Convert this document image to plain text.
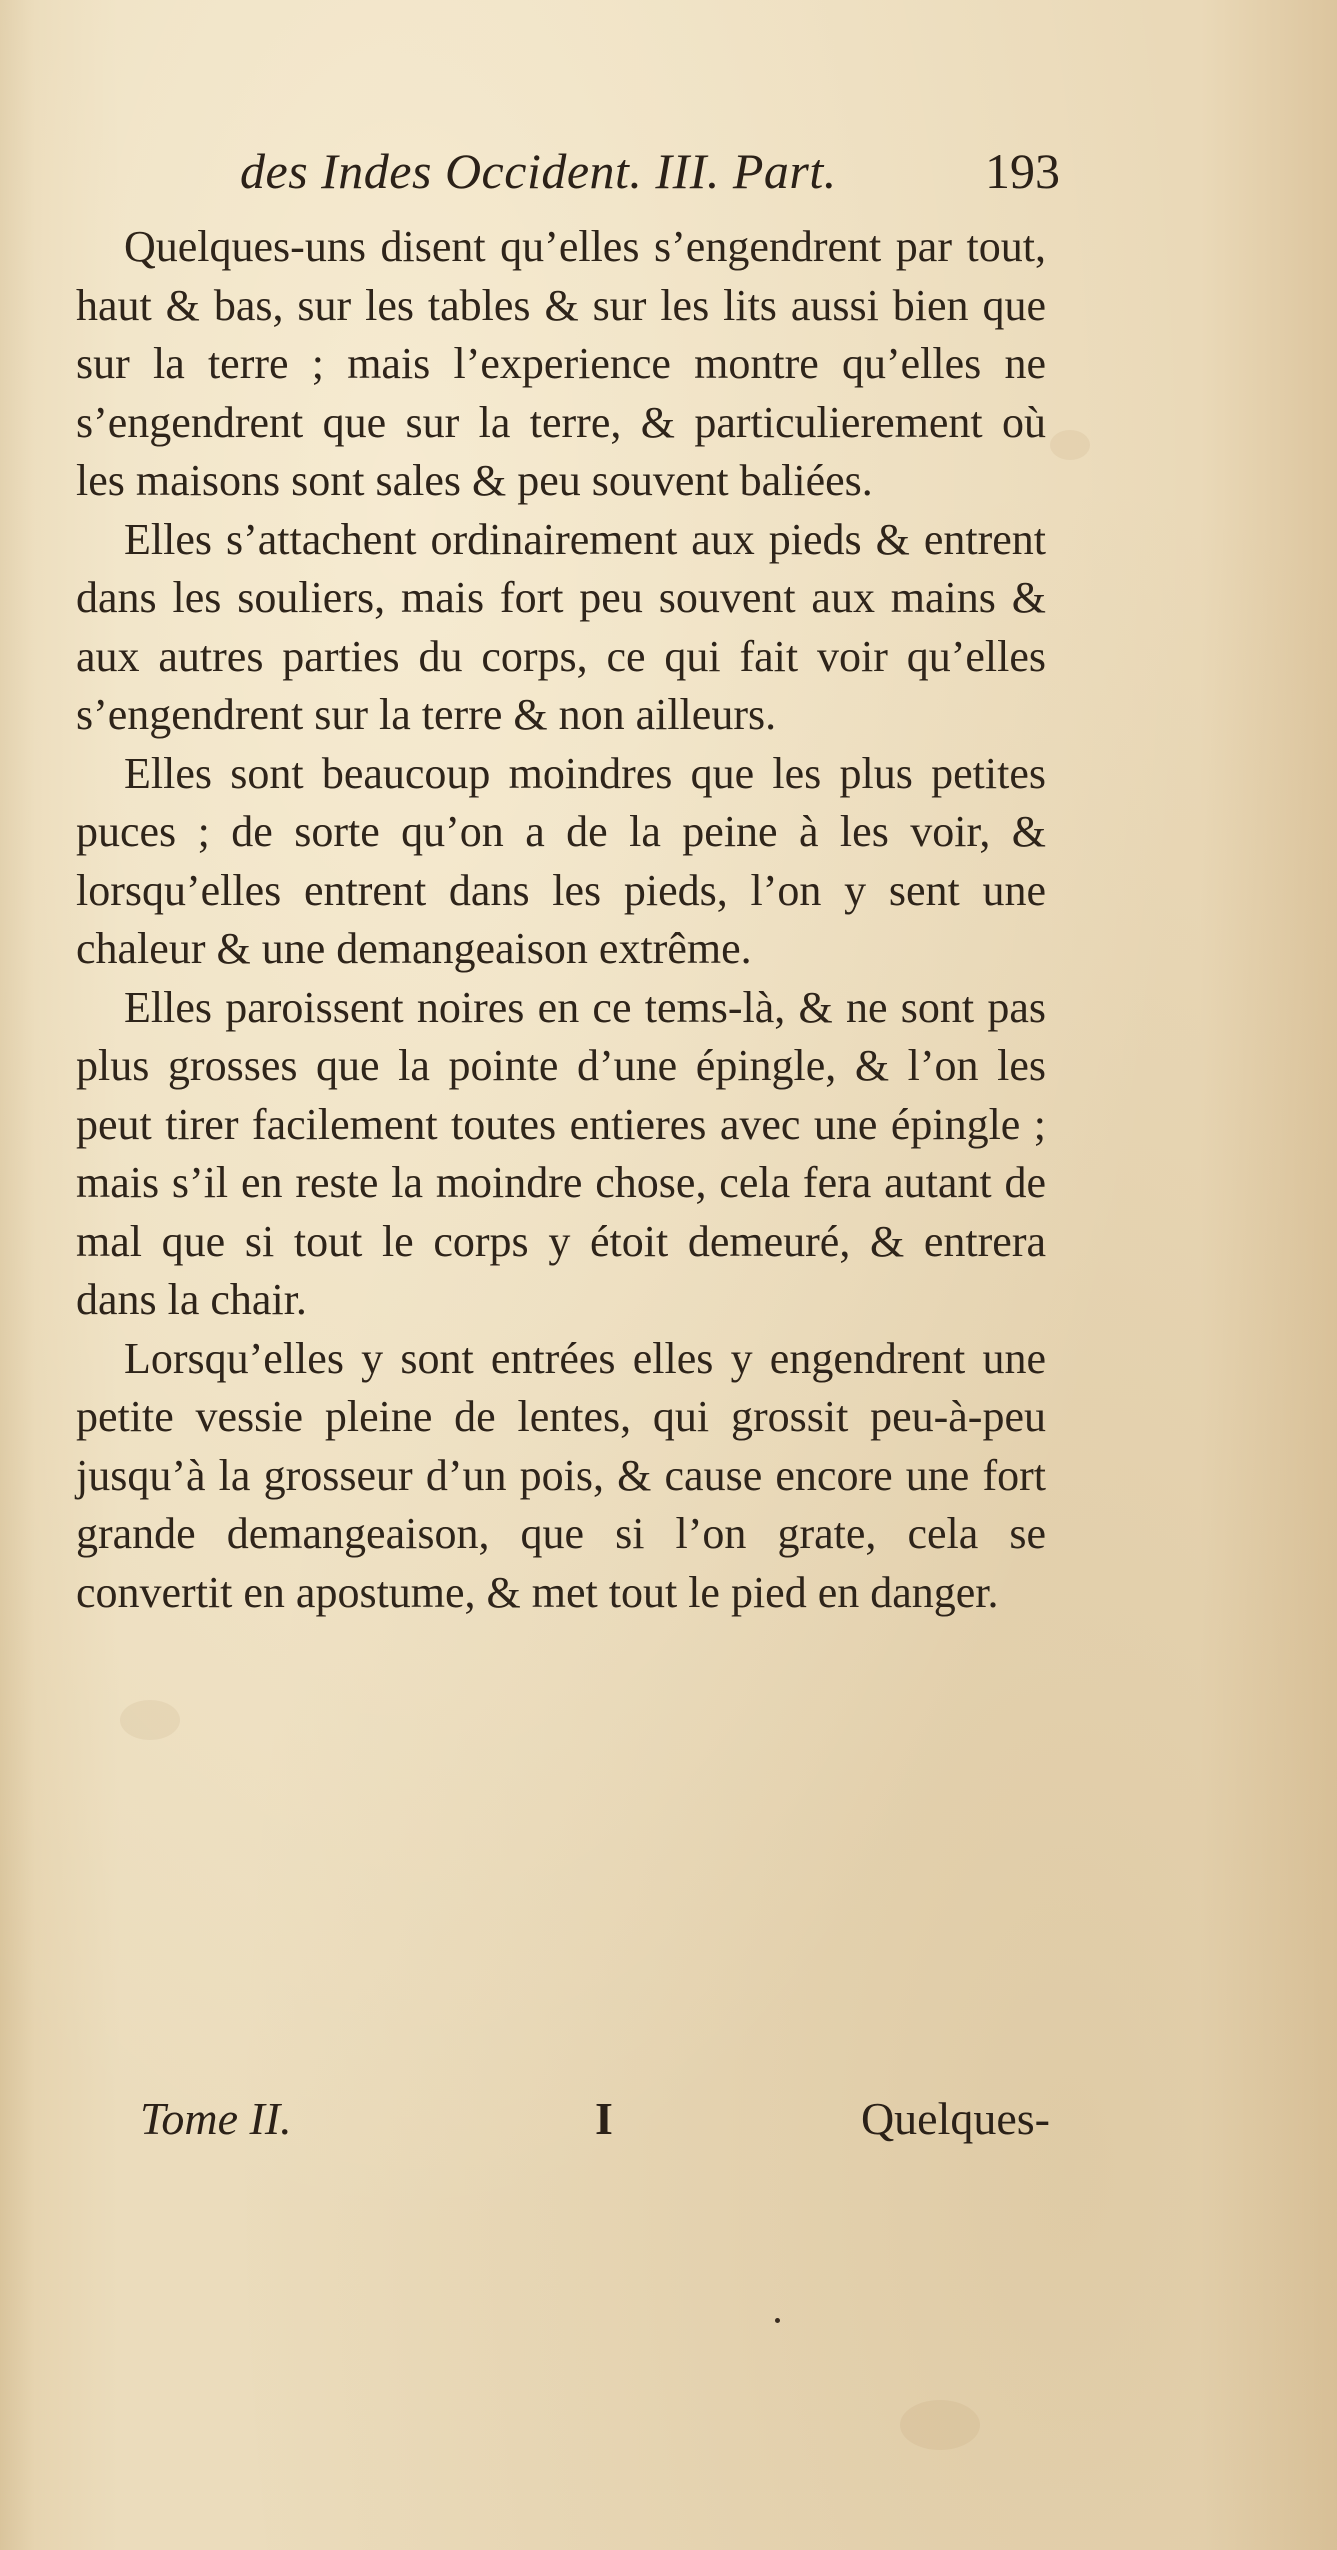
des Indes Occident. III. Part.	193

Quelques-uns disent qu’elles s’engendrent par tout, haut & bas, sur les tables & sur les lits aussi bien que sur la terre ; mais l’experience montre qu’elles ne s’engendrent que sur la terre, & particulierement où les maisons sont sales & peu souvent baliées.

Elles s’attachent ordinairement aux pieds & entrent dans les souliers, mais fort peu souvent aux mains & aux autres parties du corps, ce qui fait voir qu’elles s’engendrent sur la terre & non ailleurs.

Elles sont beaucoup moindres que les plus petites puces ; de sorte qu’on a de la peine à les voir, & lorsqu’elles entrent dans les pieds, l’on y sent une chaleur & une demangeaison extrême.

Elles paroissent noires en ce tems-là, & ne sont pas plus grosses que la pointe d’une épingle, & l’on les peut tirer facilement toutes entieres avec une épingle ; mais s’il en reste la moindre chose, cela fera autant de mal que si tout le corps y étoit demeuré, & entrera dans la chair.

Lorsqu’elles y sont entrées elles y engendrent une petite vessie pleine de lentes, qui grossit peu-à-peu jusqu’à la grosseur d’un pois, & cause encore une fort grande demangeaison, que si l’on grate, cela se convertit en apostume, & met tout le pied en danger.

Tome II.	I	Quelques-
